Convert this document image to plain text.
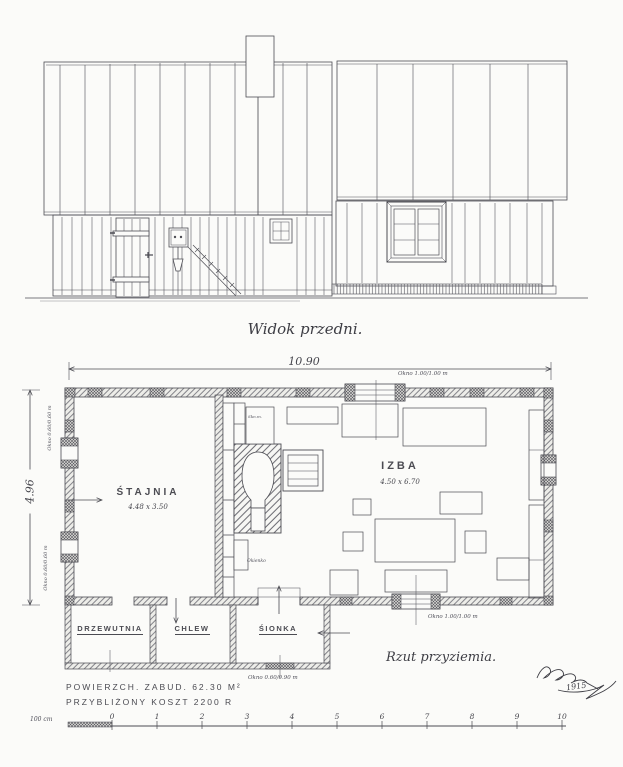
Widok przedni.
10.90
4.96	ŚTAJNIA
4.48 x 3.50
IZBA
4.50 x 6.70
DRZEWUTNIA	CHLEW	ŚIONKA
Skn.m.
Okno 1.00/1.00 m
Okno 1.00/1.00 m
Okno 0.60/0.90 m
Okno 0.60/0.60 m
Okno 0.60/0.60 m	Okienko
POWIERZCH. ZABUD. 62.30 M²
PRZYBLIŻONY KOSZT 2200 R
Rzut przyziemia.
1915
100 cm	0	1	2	3	4	5	6	7	8	9	10
